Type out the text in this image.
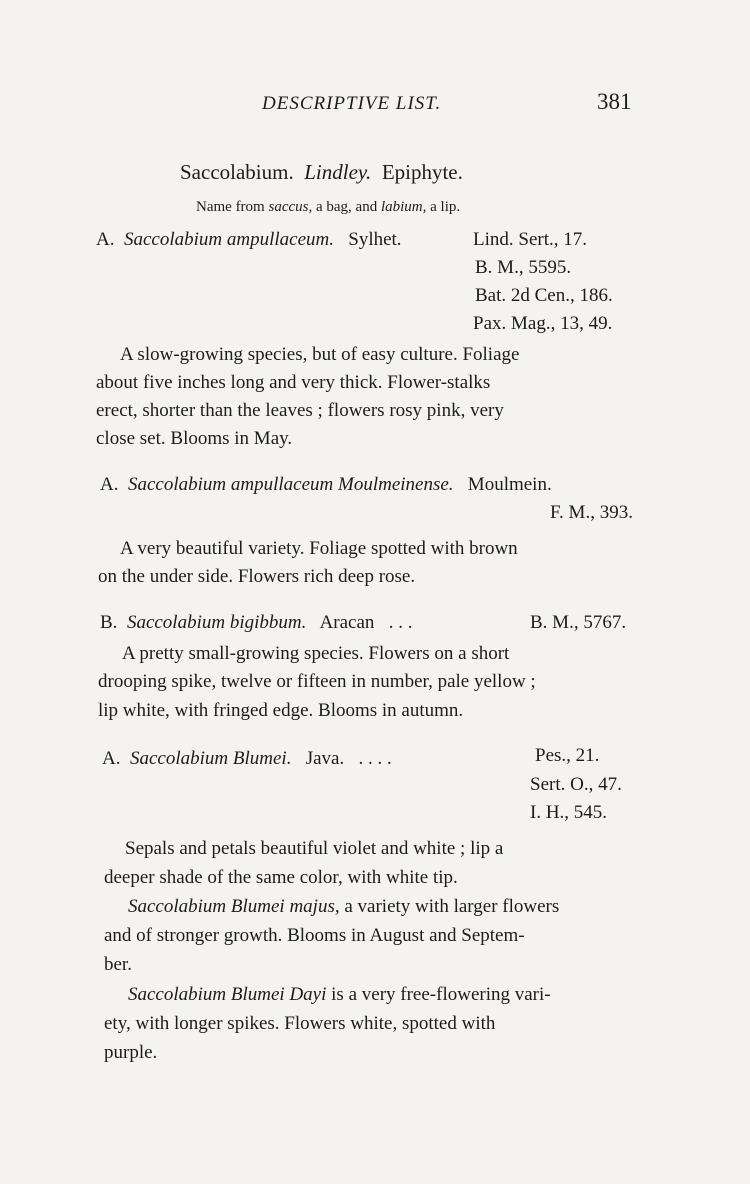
DESCRIPTIVE LIST.	381
Saccolabium. Lindley. Epiphyte.
Name from saccus, a bag, and labium, a lip.
A. Saccolabium ampullaceum. Sylhet.	Lind. Sert., 17.
B. M., 5595.
Bat. 2d Cen., 186.
Pax. Mag., 13, 49.
A slow-growing species, but of easy culture. Foliage
about five inches long and very thick. Flower-stalks
erect, shorter than the leaves ; flowers rosy pink, very
close set. Blooms in May.
A. Saccolabium ampullaceum Moulmeinense. Moulmein.
F. M., 393.
A very beautiful variety. Foliage spotted with brown
on the under side. Flowers rich deep rose.
B. Saccolabium bigibbum. Aracan . . .	B. M., 5767.
A pretty small-growing species. Flowers on a short
drooping spike, twelve or fifteen in number, pale yellow ;
lip white, with fringed edge. Blooms in autumn.
A. Saccolabium Blumei. Java. . . . .	Pes., 21.
Sert. O., 47.
I. H., 545.
Sepals and petals beautiful violet and white ; lip a
deeper shade of the same color, with white tip.
Saccolabium Blumei majus, a variety with larger flowers
and of stronger growth. Blooms in August and Septem-
ber.
Saccolabium Blumei Dayi is a very free-flowering vari-
ety, with longer spikes. Flowers white, spotted with
purple.
